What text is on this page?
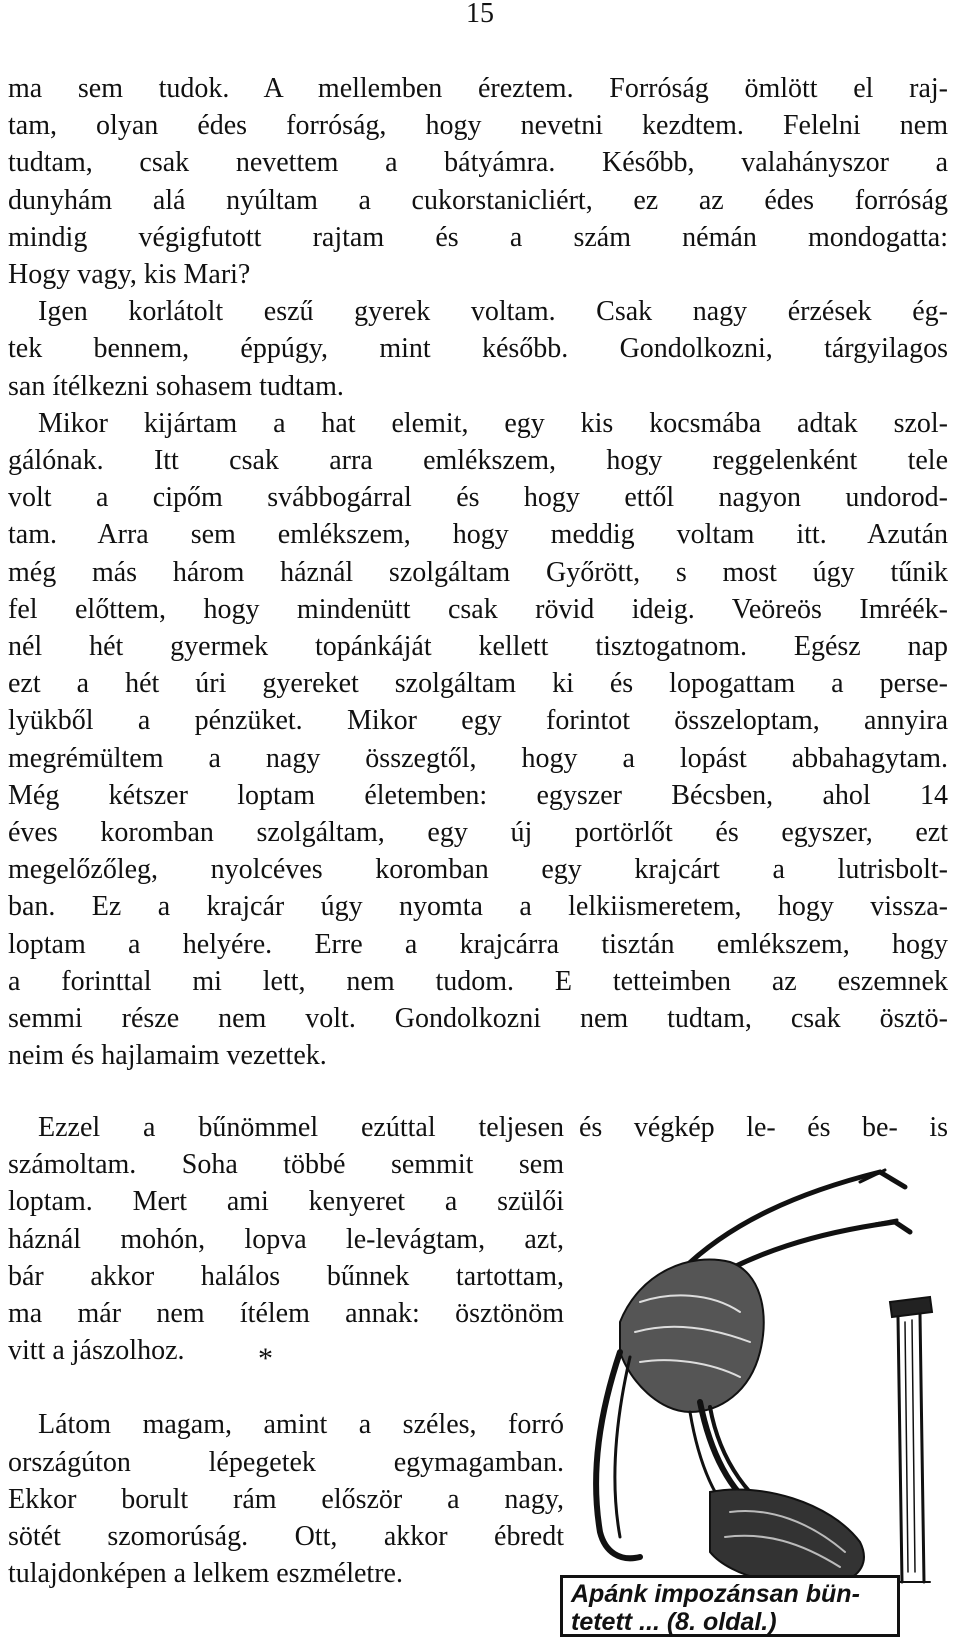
15

ma sem tudok. A mellemben éreztem. Forróság ömlött el raj-
tam, olyan édes forróság, hogy nevetni kezdtem. Felelni nem
tudtam, csak nevettem a bátyámra. Később, valahányszor a
dunyhám alá nyúltam a cukorstanicliért, ez az édes forróság
mindig végigfutott rajtam és a szám némán mondogatta:

Hogy vagy, kis Mari?

Igen korlátolt eszű gyerek voltam. Csak nagy érzések ég-
tek bennem, éppúgy, mint később. Gondolkozni, tárgyilagos

san ítélkezni sohasem tudtam.

Mikor kijártam a hat elemit, egy kis kocsmába adtak szol-
gálónak. Itt csak arra emlékszem, hogy reggelenként tele
volt a cipőm svábbogárral és hogy ettől nagyon undorod-
tam. Arra sem emlékszem, hogy meddig voltam itt. Azután
még más három háznál szolgáltam Győrött, s most úgy tűnik
fel előttem, hogy mindenütt csak rövid ideig. Veöreös Imréék-
nél hét gyermek topánkáját kellett tisztogatnom. Egész nap
ezt a hét úri gyereket szolgáltam ki és lopogattam a perse-
lyükből a pénzüket. Mikor egy forintot összeloptam, annyira
megrémültem a nagy összegtől, hogy a lopást abbahagytam.
Még kétszer loptam életemben: egyszer Bécsben, ahol 14
éves koromban szolgáltam, egy új portörlőt és egyszer, ezt
megelőzőleg, nyolcéves koromban egy krajcárt a lutrisbolt-
ban. Ez a krajcár úgy nyomta a lelkiismeretem, hogy vissza-
loptam a helyére. Erre a krajcárra tisztán emlékszem, hogy
a forinttal mi lett, nem tudom. E tetteimben az eszemnek
semmi része nem volt. Gondolkozni nem tudtam, csak ösztö-

neim és hajlamaim vezettek.

és végkép le- és be- is

Ezzel a bűnömmel ezúttal teljesen
számoltam. Soha többé semmit sem
loptam. Mert ami kenyeret a szülői
háznál mohón, lopva le-levágtam, azt,
bár akkor halálos bűnnek tartottam,
ma már nem ítélem annak: ösztönöm

vitt a jászolhoz.

Látom magam, amint a széles, forró
országúton lépegetek egymagamban.
Ekkor borult rám először a nagy,
sötét szomorúság. Ott, akkor ébredt

tulajdonképen a lelkem eszméletre.

*
Apánk impozánsan bün-
tetett ... (8. oldal.)
